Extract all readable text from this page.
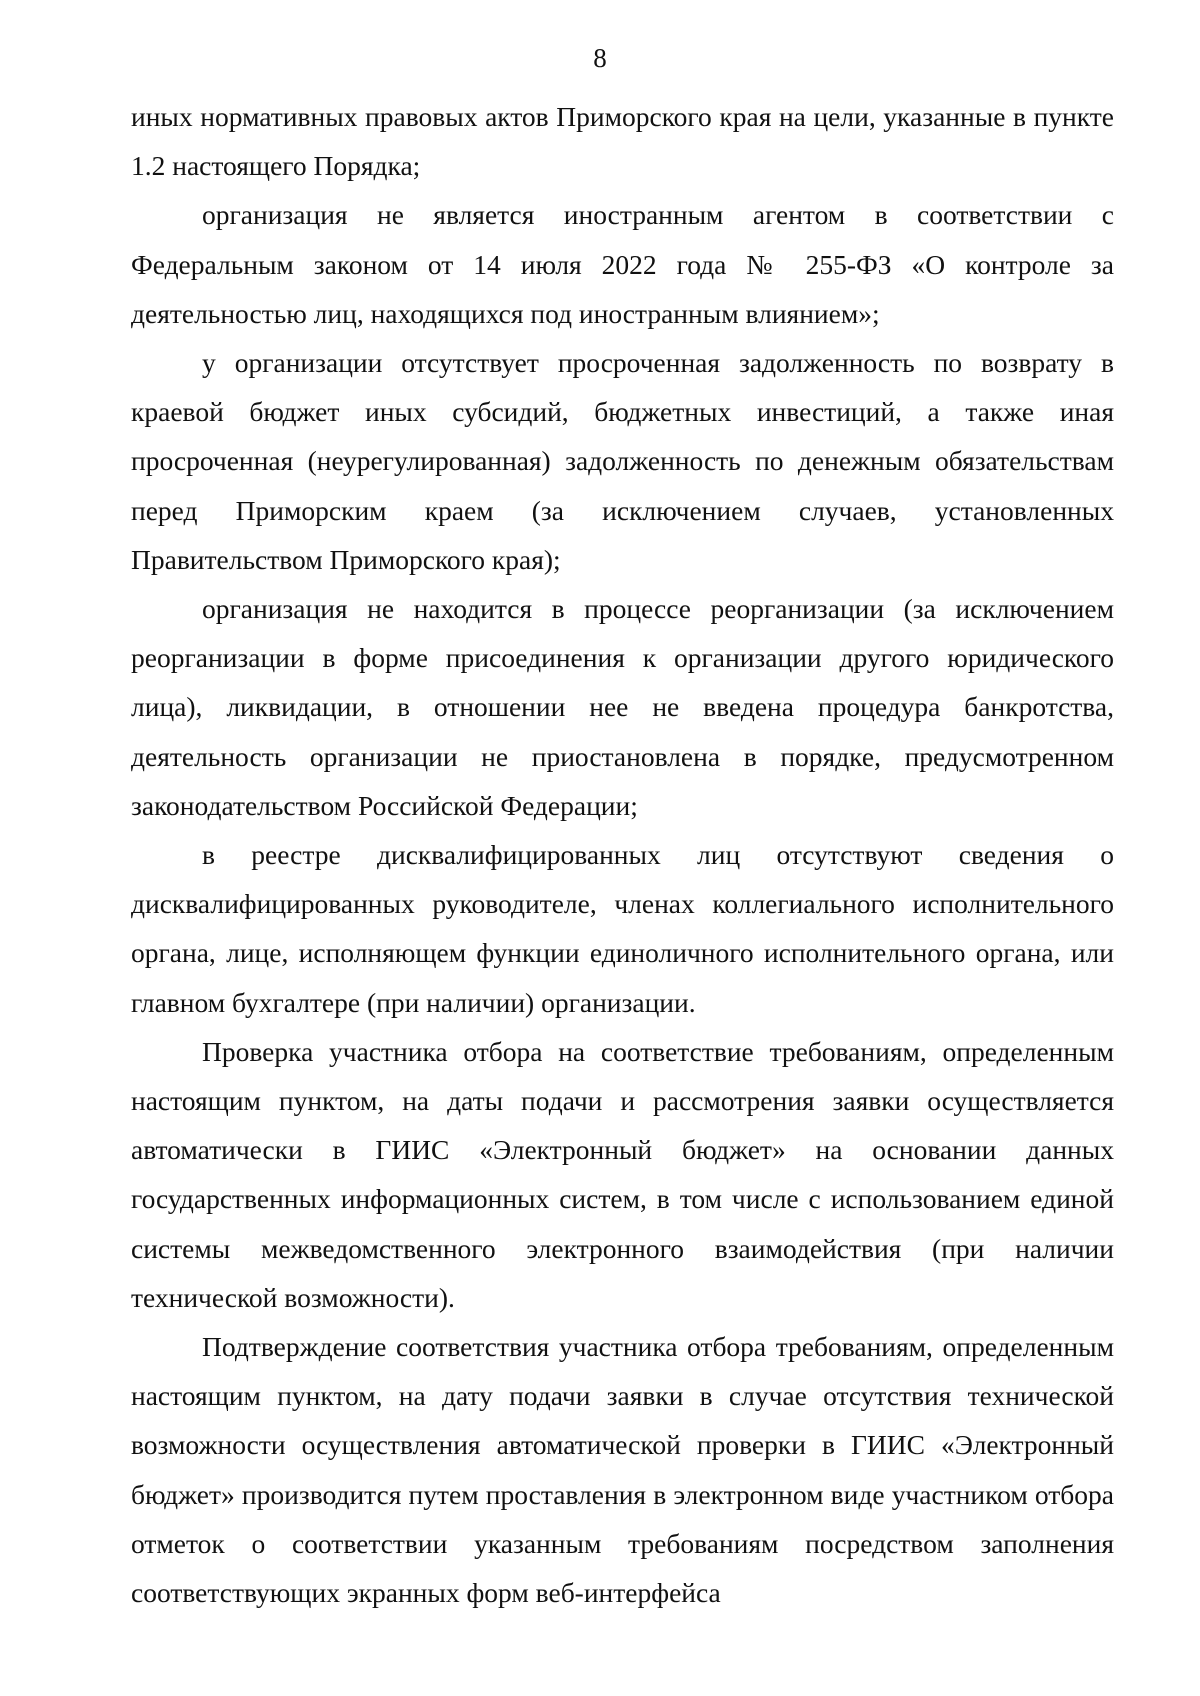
8

иных нормативных правовых актов Приморского края на цели, указанные в пункте 1.2 настоящего Порядка;

организация не является иностранным агентом в соответствии с Федеральным законом от 14 июля 2022 года № 255-ФЗ «О контроле за деятельностью лиц, находящихся под иностранным влиянием»;

у организации отсутствует просроченная задолженность по возврату в краевой бюджет иных субсидий, бюджетных инвестиций, а также иная просроченная (неурегулированная) задолженность по денежным обязательствам перед Приморским краем (за исключением случаев, установленных Правительством Приморского края);

организация не находится в процессе реорганизации (за исключением реорганизации в форме присоединения к организации другого юридического лица), ликвидации, в отношении нее не введена процедура банкротства, деятельность организации не приостановлена в порядке, предусмотренном законодательством Российской Федерации;

в реестре дисквалифицированных лиц отсутствуют сведения о дисквалифицированных руководителе, членах коллегиального исполнительного органа, лице, исполняющем функции единоличного исполнительного органа, или главном бухгалтере (при наличии) организации.

Проверка участника отбора на соответствие требованиям, определенным настоящим пунктом, на даты подачи и рассмотрения заявки осуществляется автоматически в ГИИС «Электронный бюджет» на основании данных государственных информационных систем, в том числе с использованием единой системы межведомственного электронного взаимодействия (при наличии технической возможности).

Подтверждение соответствия участника отбора требованиям, определенным настоящим пунктом, на дату подачи заявки в случае отсутствия технической возможности осуществления автоматической проверки в ГИИС «Электронный бюджет» производится путем проставления в электронном виде участником отбора отметок о соответствии указанным требованиям посредством заполнения соответствующих экранных форм веб-интерфейса
